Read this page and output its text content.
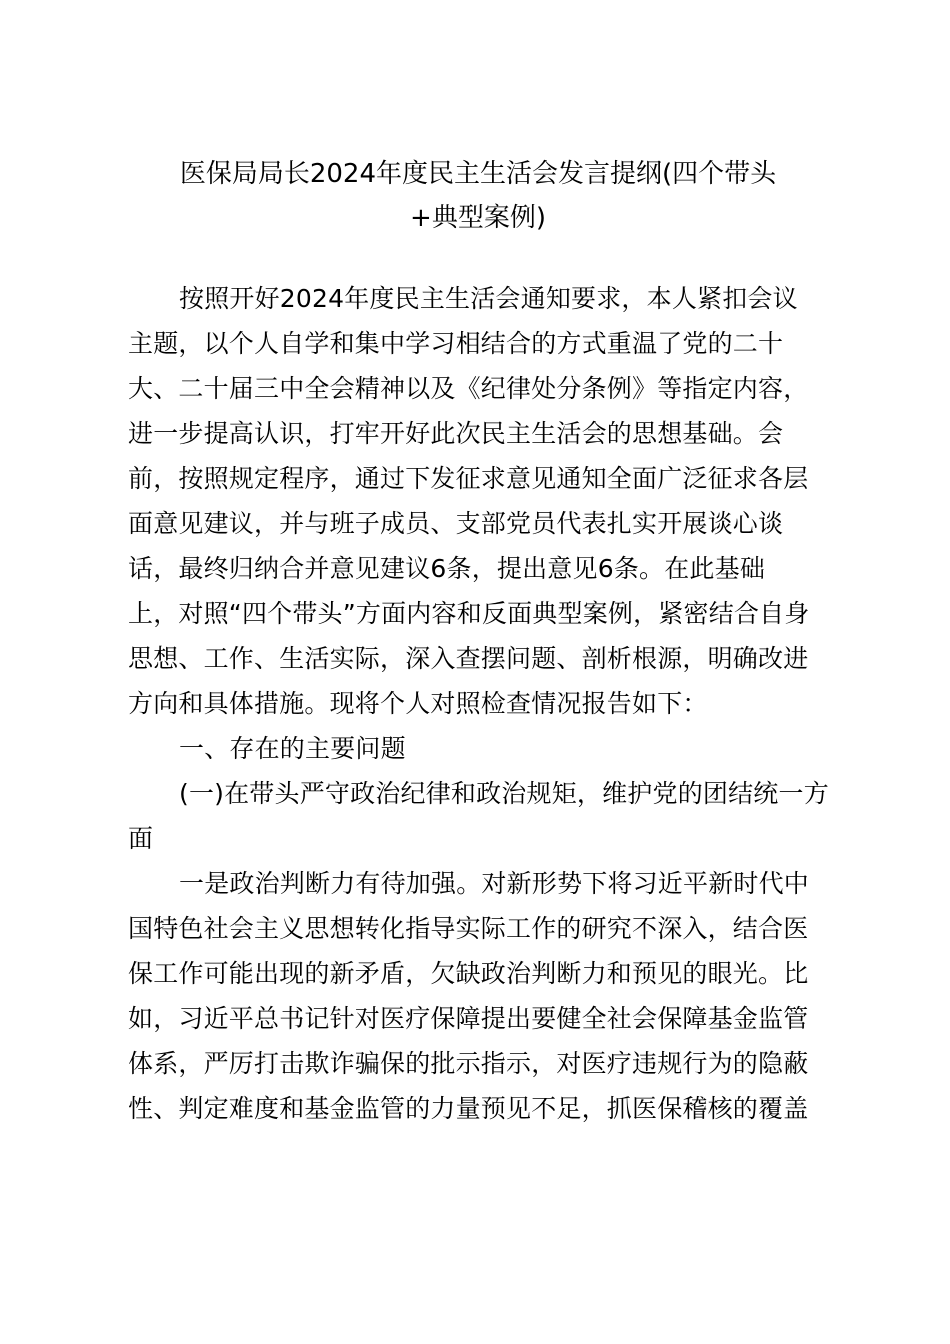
医保局局长2024年度民主生活会发言提纲(四个带头
+典型案例)
按照开好2024年度民主生活会通知要求，本人紧扣会议
主题，以个人自学和集中学习相结合的方式重温了党的二十
大、二十届三中全会精神以及《纪律处分条例》等指定内容，
进一步提高认识，打牢开好此次民主生活会的思想基础。会
前，按照规定程序，通过下发征求意见通知全面广泛征求各层
面意见建议，并与班子成员、支部党员代表扎实开展谈心谈
话，最终归纳合并意见建议6条，提出意见6条。在此基础
上，对照“四个带头”方面内容和反面典型案例，紧密结合自身
思想、工作、生活实际，深入查摆问题、剖析根源，明确改进
方向和具体措施。现将个人对照检查情况报告如下：
一、存在的主要问题
(一)在带头严守政治纪律和政治规矩，维护党的团结统一方
面
一是政治判断力有待加强。对新形势下将习近平新时代中
国特色社会主义思想转化指导实际工作的研究不深入，结合医
保工作可能出现的新矛盾，欠缺政治判断力和预见的眼光。比
如，习近平总书记针对医疗保障提出要健全社会保障基金监管
体系，严厉打击欺诈骗保的批示指示，对医疗违规行为的隐蔽
性、判定难度和基金监管的力量预见不足，抓医保稽核的覆盖
